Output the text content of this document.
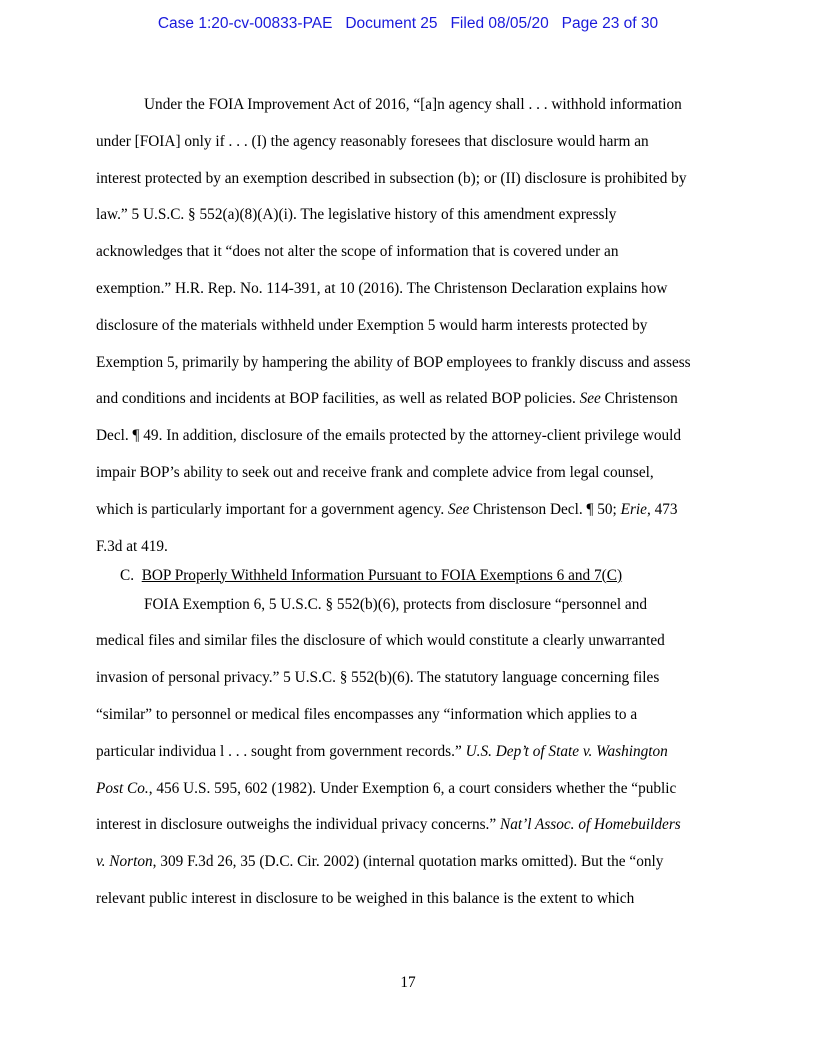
Case 1:20-cv-00833-PAE   Document 25   Filed 08/05/20   Page 23 of 30
Under the FOIA Improvement Act of 2016, “[a]n agency shall . . . withhold information
under [FOIA] only if . . . (I) the agency reasonably foresees that disclosure would harm an
interest protected by an exemption described in subsection (b); or (II) disclosure is prohibited by
law.” 5 U.S.C. § 552(a)(8)(A)(i). The legislative history of this amendment expressly
acknowledges that it “does not alter the scope of information that is covered under an
exemption.” H.R. Rep. No. 114-391, at 10 (2016). The Christenson Declaration explains how
disclosure of the materials withheld under Exemption 5 would harm interests protected by
Exemption 5, primarily by hampering the ability of BOP employees to frankly discuss and assess
and conditions and incidents at BOP facilities, as well as related BOP policies. See Christenson
Decl. ¶ 49. In addition, disclosure of the emails protected by the attorney-client privilege would
impair BOP’s ability to seek out and receive frank and complete advice from legal counsel,
which is particularly important for a government agency. See Christenson Decl. ¶ 50; Erie, 473
F.3d at 419.
C. BOP Properly Withheld Information Pursuant to FOIA Exemptions 6 and 7(C)
FOIA Exemption 6, 5 U.S.C. § 552(b)(6), protects from disclosure “personnel and
medical files and similar files the disclosure of which would constitute a clearly unwarranted
invasion of personal privacy.” 5 U.S.C. § 552(b)(6). The statutory language concerning files
“similar” to personnel or medical files encompasses any “information which applies to a
particular individua l . . . sought from government records.” U.S. Dep’t of State v. Washington
Post Co., 456 U.S. 595, 602 (1982). Under Exemption 6, a court considers whether the “public
interest in disclosure outweighs the individual privacy concerns.” Nat’l Assoc. of Homebuilders
v. Norton, 309 F.3d 26, 35 (D.C. Cir. 2002) (internal quotation marks omitted). But the “only
relevant public interest in disclosure to be weighed in this balance is the extent to which
17
